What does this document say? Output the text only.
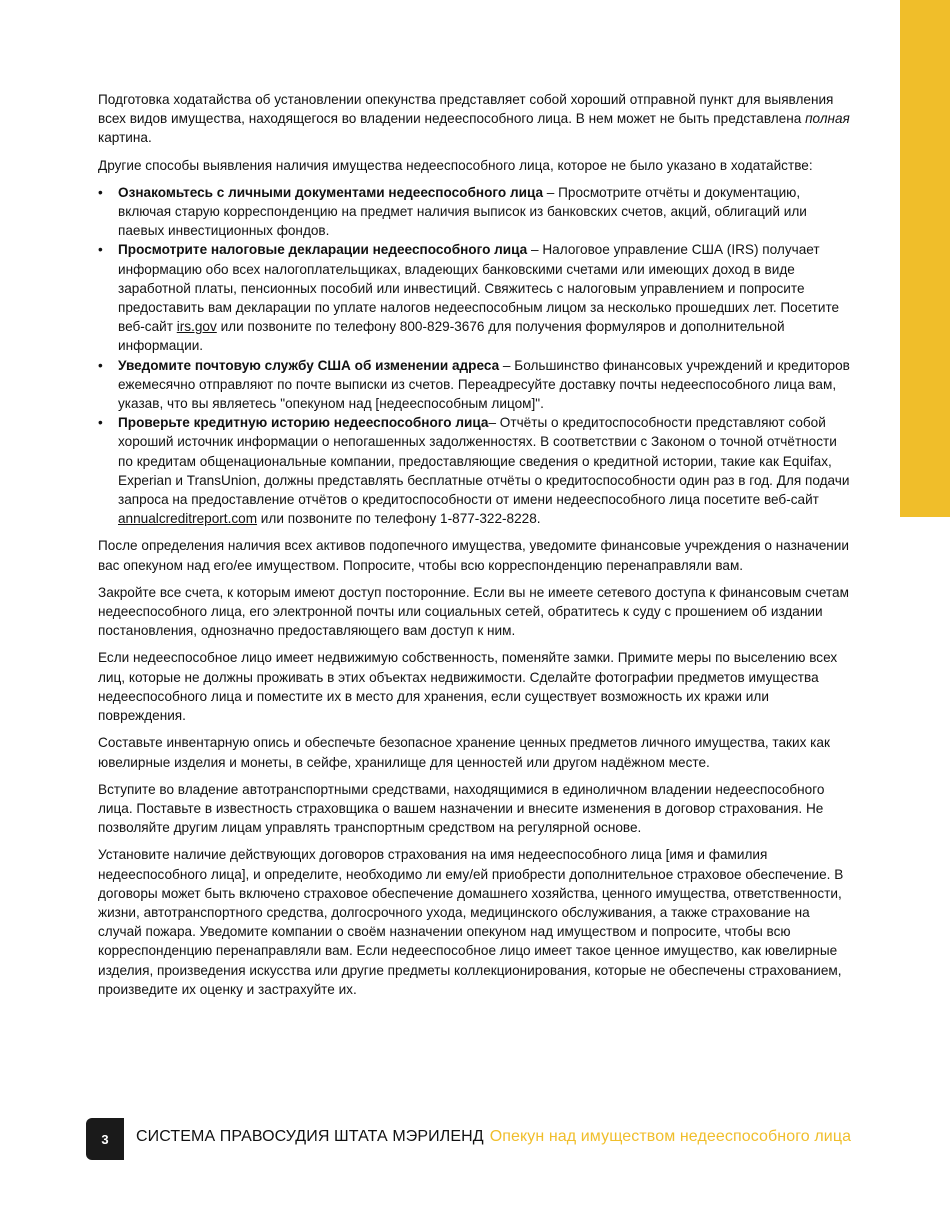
Подготовка ходатайства об установлении опекунства представляет собой хороший отправной пункт для выявления всех видов имущества, находящегося во владении недееспособного лица. В нем может не быть представлена полная картина.

Другие способы выявления наличия имущества недееспособного лица, которое не было указано в ходатайстве:

• Ознакомьтесь с личными документами недееспособного лица – Просмотрите отчёты и документацию, включая старую корреспонденцию на предмет наличия выписок из банковских счетов, акций, облигаций или паевых инвестиционных фондов.
• Просмотрите налоговые декларации недееспособного лица – Налоговое управление США (IRS) получает информацию обо всех налогоплательщиках, владеющих банковскими счетами или имеющих доход в виде заработной платы, пенсионных пособий или инвестиций. Свяжитесь с налоговым управлением и попросите предоставить вам декларации по уплате налогов недееспособным лицом за несколько прошедших лет. Посетите веб-сайт irs.gov или позвоните по телефону 800-829-3676 для получения формуляров и дополнительной информации.
• Уведомите почтовую службу США об изменении адреса – Большинство финансовых учреждений и кредиторов ежемесячно отправляют по почте выписки из счетов. Переадресуйте доставку почты недееспособного лица вам, указав, что вы являетесь "опекуном над [недееспособным лицом]".
• Проверьте кредитную историю недееспособного лица– Отчёты о кредитоспособности представляют собой хороший источник информации о непогашенных задолженностях. В соответствии с Законом о точной отчётности по кредитам общенациональные компании, предоставляющие сведения о кредитной истории, такие как Equifax, Experian и TransUnion, должны представлять бесплатные отчёты о кредитоспособности один раз в год. Для подачи запроса на предоставление отчётов о кредитоспособности от имени недееспособного лица посетите веб-сайт annualcreditreport.com или позвоните по телефону 1-877-322-8228.

После определения наличия всех активов подопечного имущества, уведомите финансовые учреждения о назначении вас опекуном над его/ее имуществом. Попросите, чтобы всю корреспонденцию перенаправляли вам.

Закройте все счета, к которым имеют доступ посторонние. Если вы не имеете сетевого доступа к финансовым счетам недееспособного лица, его электронной почты или социальных сетей, обратитесь к суду с прошением об издании постановления, однозначно предоставляющего вам доступ к ним.

Если недееспособное лицо имеет недвижимую собственность, поменяйте замки. Примите меры по выселению всех лиц, которые не должны проживать в этих объектах недвижимости. Сделайте фотографии предметов имущества недееспособного лица и поместите их в место для хранения, если существует возможность их кражи или повреждения.

Составьте инвентарную опись и обеспечьте безопасное хранение ценных предметов личного имущества, таких как ювелирные изделия и монеты, в сейфе, хранилище для ценностей или другом надёжном месте.

Вступите во владение автотранспортными средствами, находящимися в единоличном владении недееспособного лица. Поставьте в известность страховщика о вашем назначении и внесите изменения в договор страхования. Не позволяйте другим лицам управлять транспортным средством на регулярной основе.

Установите наличие действующих договоров страхования на имя недееспособного лица [имя и фамилия недееспособного лица], и определите, необходимо ли ему/ей приобрести дополнительное страховое обеспечение. В договоры может быть включено страховое обеспечение домашнего хозяйства, ценного имущества, ответственности, жизни, автотранспортного средства, долгосрочного ухода, медицинского обслуживания, а также страхование на случай пожара. Уведомите компании о своём назначении опекуном над имуществом и попросите, чтобы всю корреспонденцию перенаправляли вам. Если недееспособное лицо имеет такое ценное имущество, как ювелирные изделия, произведения искусства или другие предметы коллекционирования, которые не обеспечены страхованием, произведите их оценку и застрахуйте их.

3	СИСТЕМА ПРАВОСУДИЯ ШТАТА МЭРИЛЕНД Опекун над имуществом недееспособного лица
